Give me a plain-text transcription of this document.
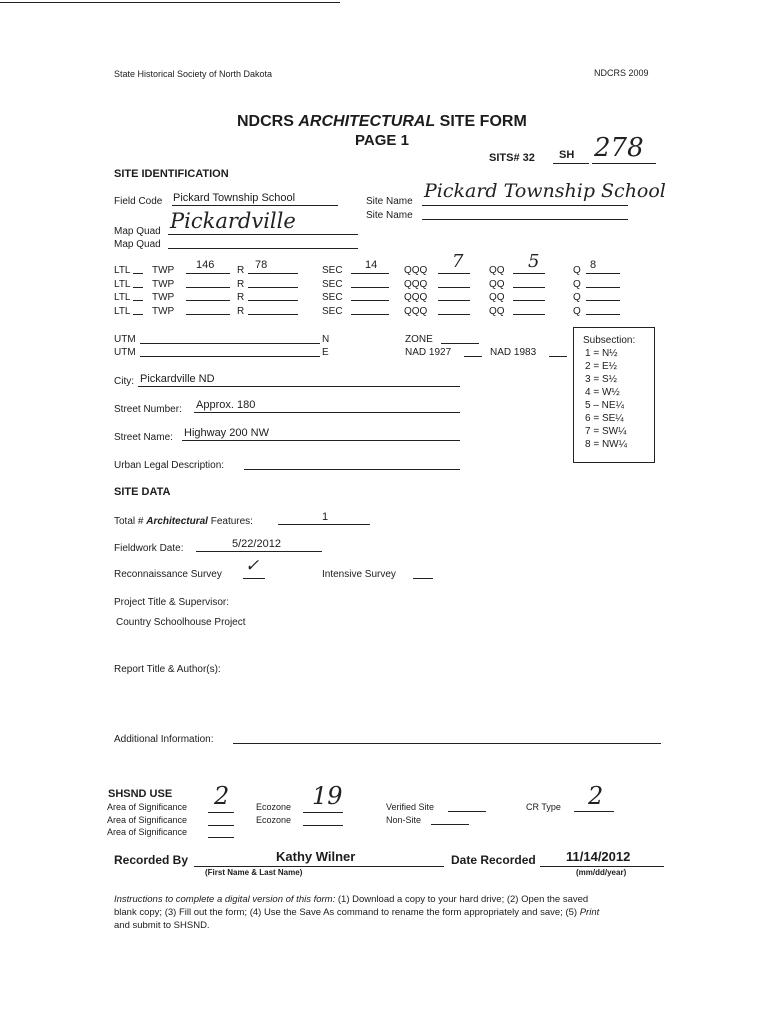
State Historical Society of North Dakota	NDCRS 2009
NDCRS ARCHITECTURAL SITE FORM
PAGE 1
SITS# 32 SH 278
SITE IDENTIFICATION
Field Code Pickard Township School	Site Name Pickard Township School
Site Name
Map Quad Pickardville
Map Quad
LTL TWP 146 R 78	SEC 14	QQQ 7	QQ 5	Q 8
LTL TWP	R	SEC	QQQ	QQ	Q
LTL TWP	R	SEC	QQQ	QQ	Q
LTL TWP	R	SEC	QQQ	QQ	Q
UTM	N
UTM	E
ZONE
NAD 1927	NAD 1983
Subsection:
1 = N½
2 = E½
3 = S½
4 = W½
5 – NE¼
6 = SE¼
7 = SW¼
8 = NW¼
City: Pickardville ND
Street Number: Approx. 180
Street Name: Highway 200 NW
Urban Legal Description:
SITE DATA
Total # Architectural Features:	1
Fieldwork Date:	5/22/2012
Reconnaissance Survey ✓	Intensive Survey
Project Title & Supervisor:
Country Schoolhouse Project
Report Title & Author(s):
Additional Information:
SHSND USE
Area of Significance 2
Area of Significance
Area of Significance
Ecozone 19
Ecozone
Verified Site
Non-Site
CR Type 2
Recorded By	Kathy Wilner
(First Name & Last Name)
Date Recorded 11/14/2012
(mm/dd/year)
Instructions to complete a digital version of this form: (1) Download a copy to your hard drive; (2) Open the saved
blank copy; (3) Fill out the form; (4) Use the Save As command to rename the form appropriately and save; (5) Print
and submit to SHSND.
